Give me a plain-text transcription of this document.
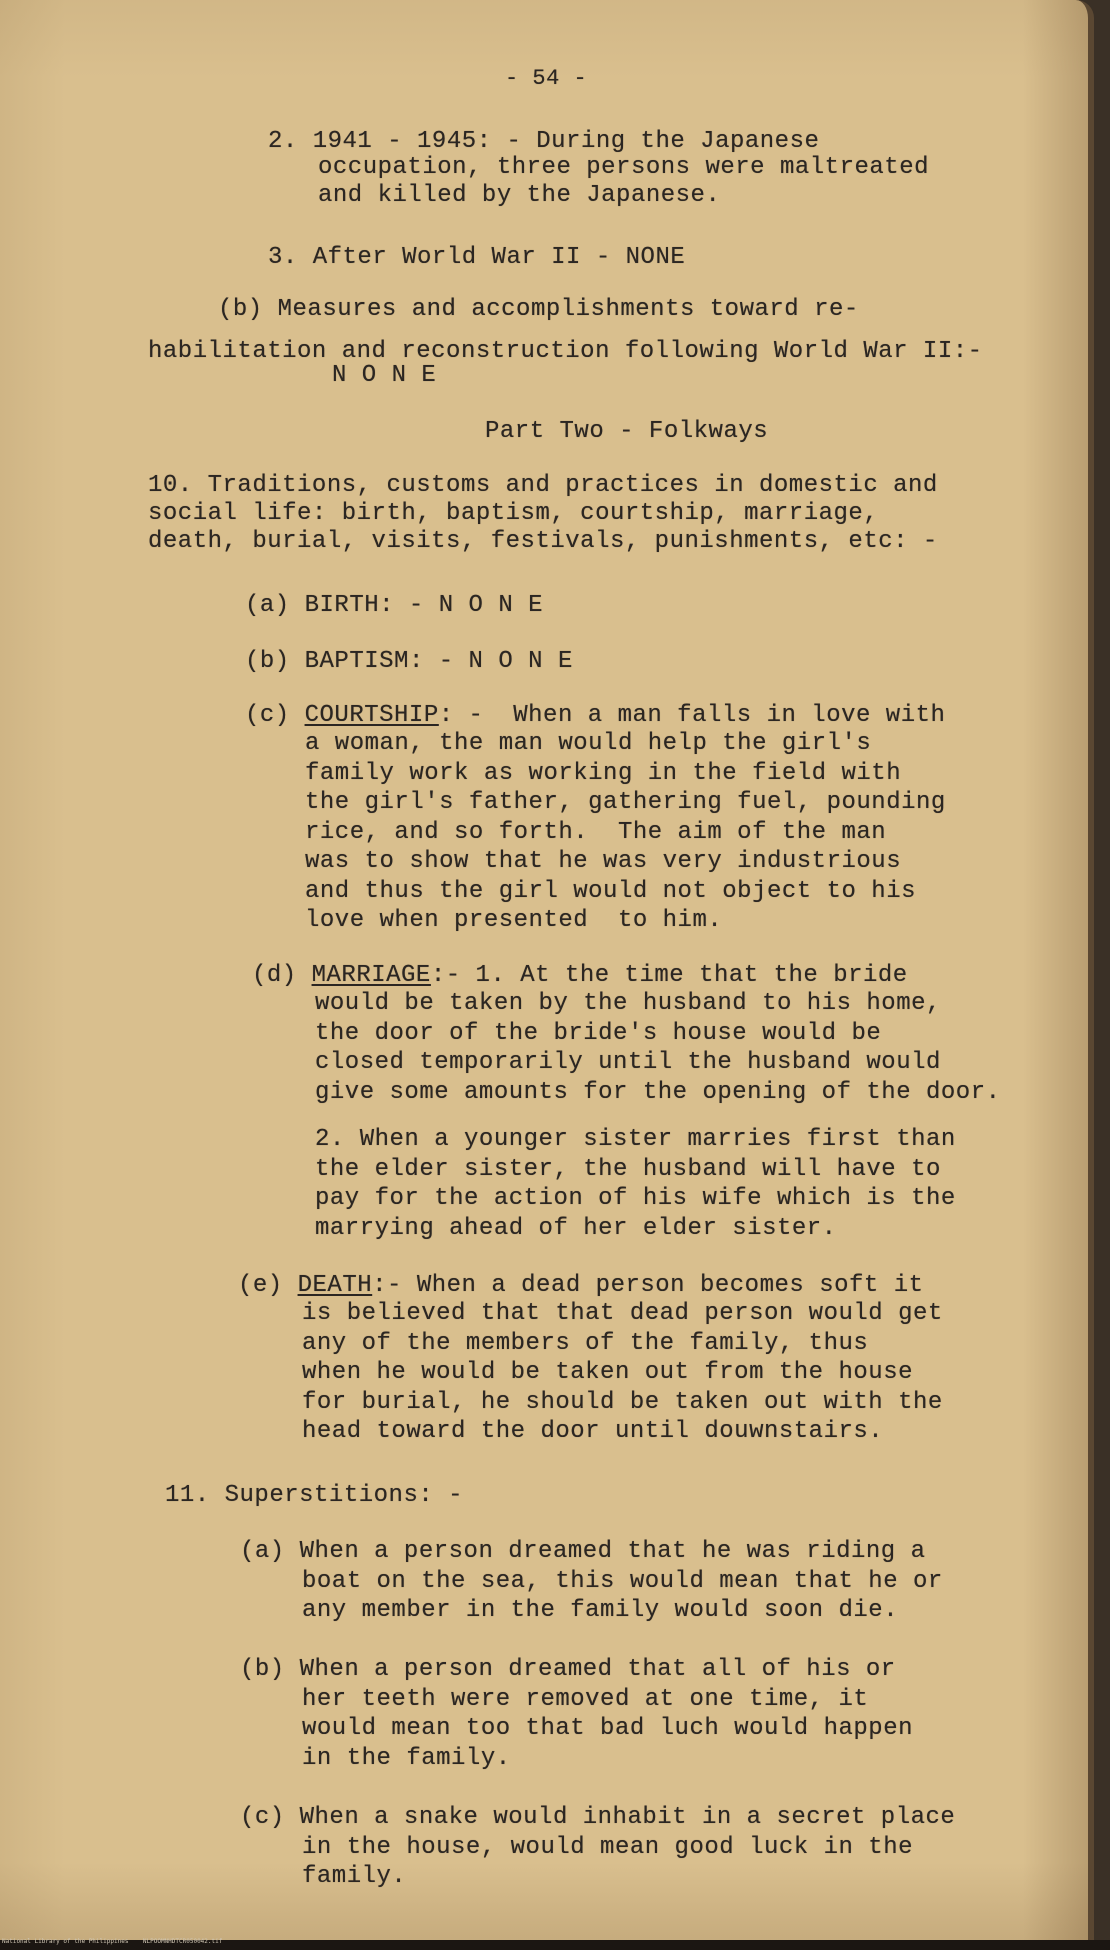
- 54 -
2. 1941 - 1945: - During the Japanese
occupation, three persons were maltreated
and killed by the Japanese.
3. After World War II - NONE
(b) Measures and accomplishments toward re-
habilitation and reconstruction following World War II:-
N O N E
Part Two - Folkways
10. Traditions, customs and practices in domestic and
social life: birth, baptism, courtship, marriage,
death, burial, visits, festivals, punishments, etc: -
(a) BIRTH: - N O N E
(b) BAPTISM: - N O N E
(c) COURTSHIP: -  When a man falls in love with
a woman, the man would help the girl's
family work as working in the field with
the girl's father, gathering fuel, pounding
rice, and so forth.  The aim of the man
was to show that he was very industrious
and thus the girl would not object to his
love when presented  to him.
(d) MARRIAGE:- 1. At the time that the bride
would be taken by the husband to his home,
the door of the bride's house would be
closed temporarily until the husband would
give some amounts for the opening of the door.
2. When a younger sister marries first than
the elder sister, the husband will have to
pay for the action of his wife which is the
marrying ahead of her elder sister.
(e) DEATH:- When a dead person becomes soft it
is believed that that dead person would get
any of the members of the family, thus
when he would be taken out from the house
for burial, he should be taken out with the
head toward the door until douwnstairs.
11. Superstitions: -
(a) When a person dreamed that he was riding a
boat on the sea, this would mean that he or
any member in the family would soon die.
(b) When a person dreamed that all of his or
her teeth were removed at one time, it
would mean too that bad luch would happen
in the family.
(c) When a snake would inhabit in a secret place
in the house, would mean good luck in the
family.
National Library of the Philippines    NLPOOMNHDTCR050042.tif
